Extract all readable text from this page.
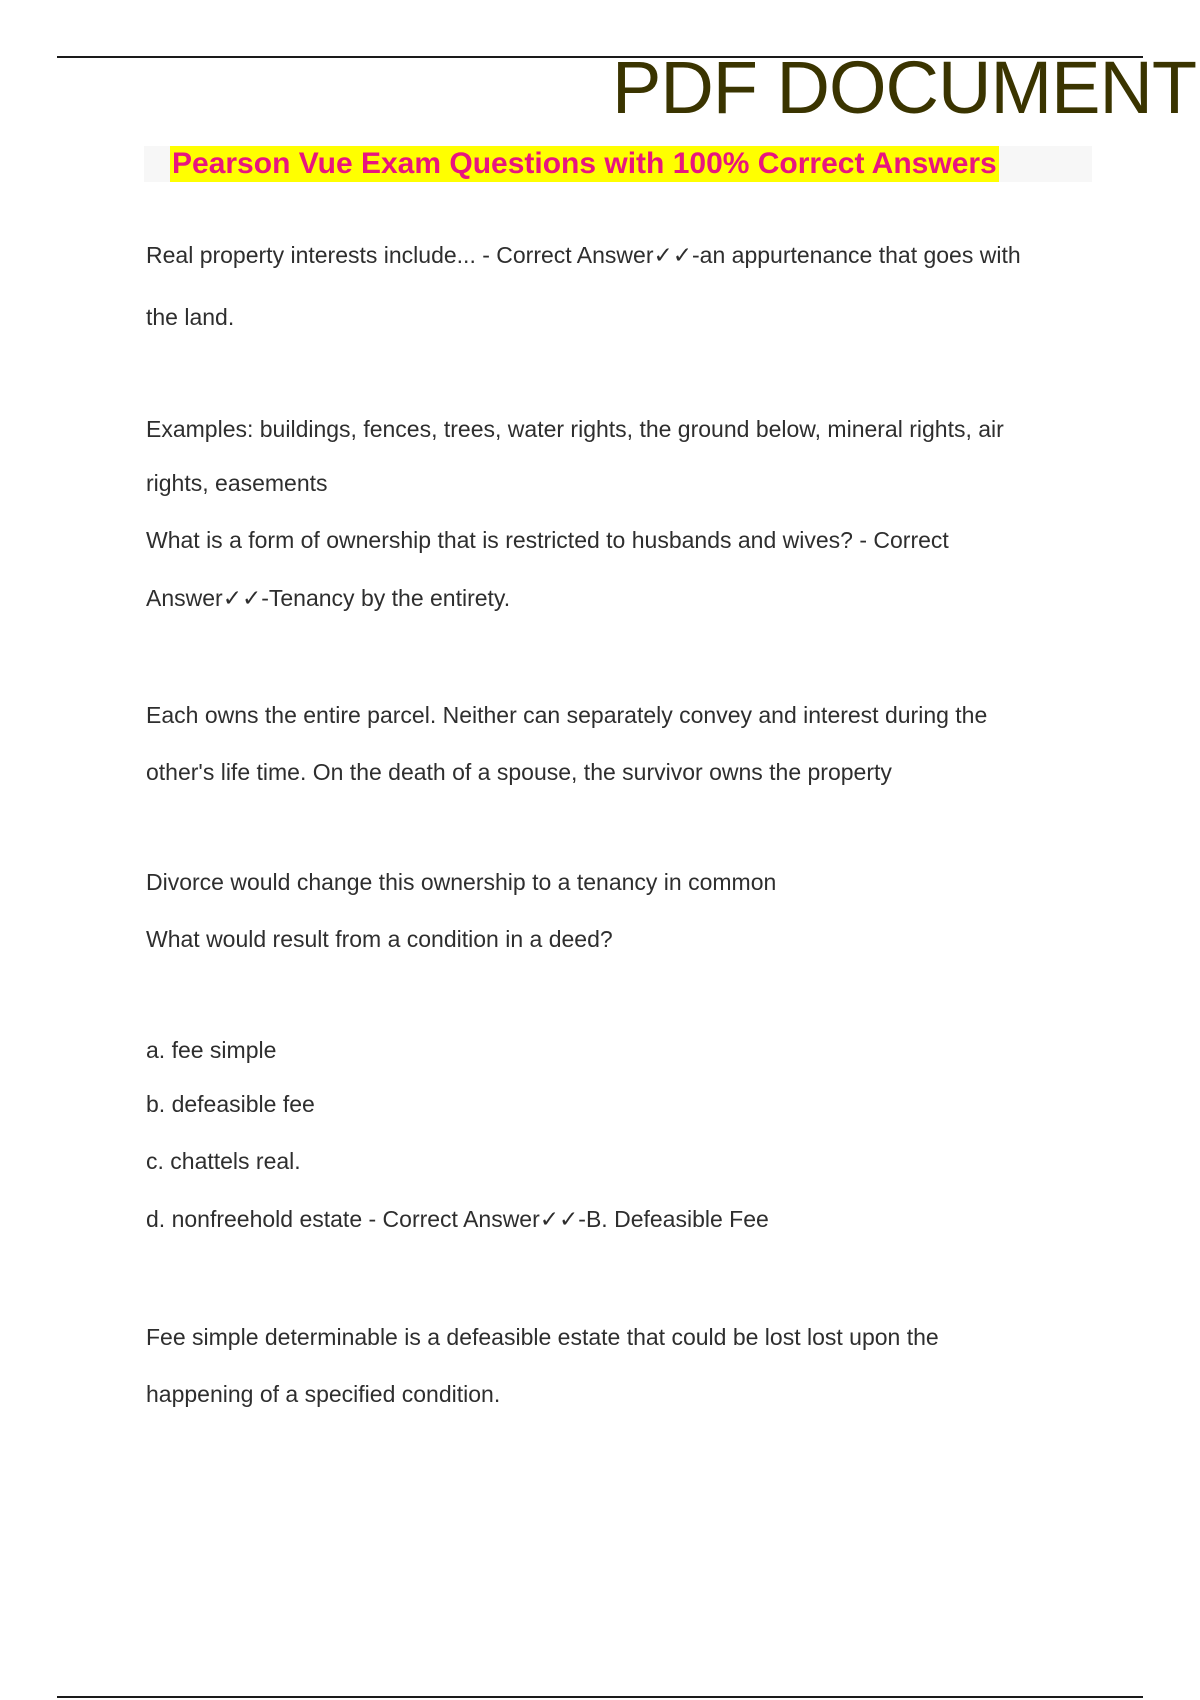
PDF DOCUMENT
Pearson Vue Exam Questions with 100% Correct Answers
Real property interests include... - Correct Answer✓✓-an appurtenance that goes with
the land.
Examples: buildings, fences, trees, water rights, the ground below, mineral rights, air
rights, easements
What is a form of ownership that is restricted to husbands and wives? - Correct
Answer✓✓-Tenancy by the entirety.
Each owns the entire parcel. Neither can separately convey and interest during the
other's life time. On the death of a spouse, the survivor owns the property
Divorce would change this ownership to a tenancy in common
What would result from a condition in a deed?
a. fee simple
b. defeasible fee
c. chattels real.
d. nonfreehold estate - Correct Answer✓✓-B. Defeasible Fee
Fee simple determinable is a defeasible estate that could be lost lost upon the
happening of a specified condition.
